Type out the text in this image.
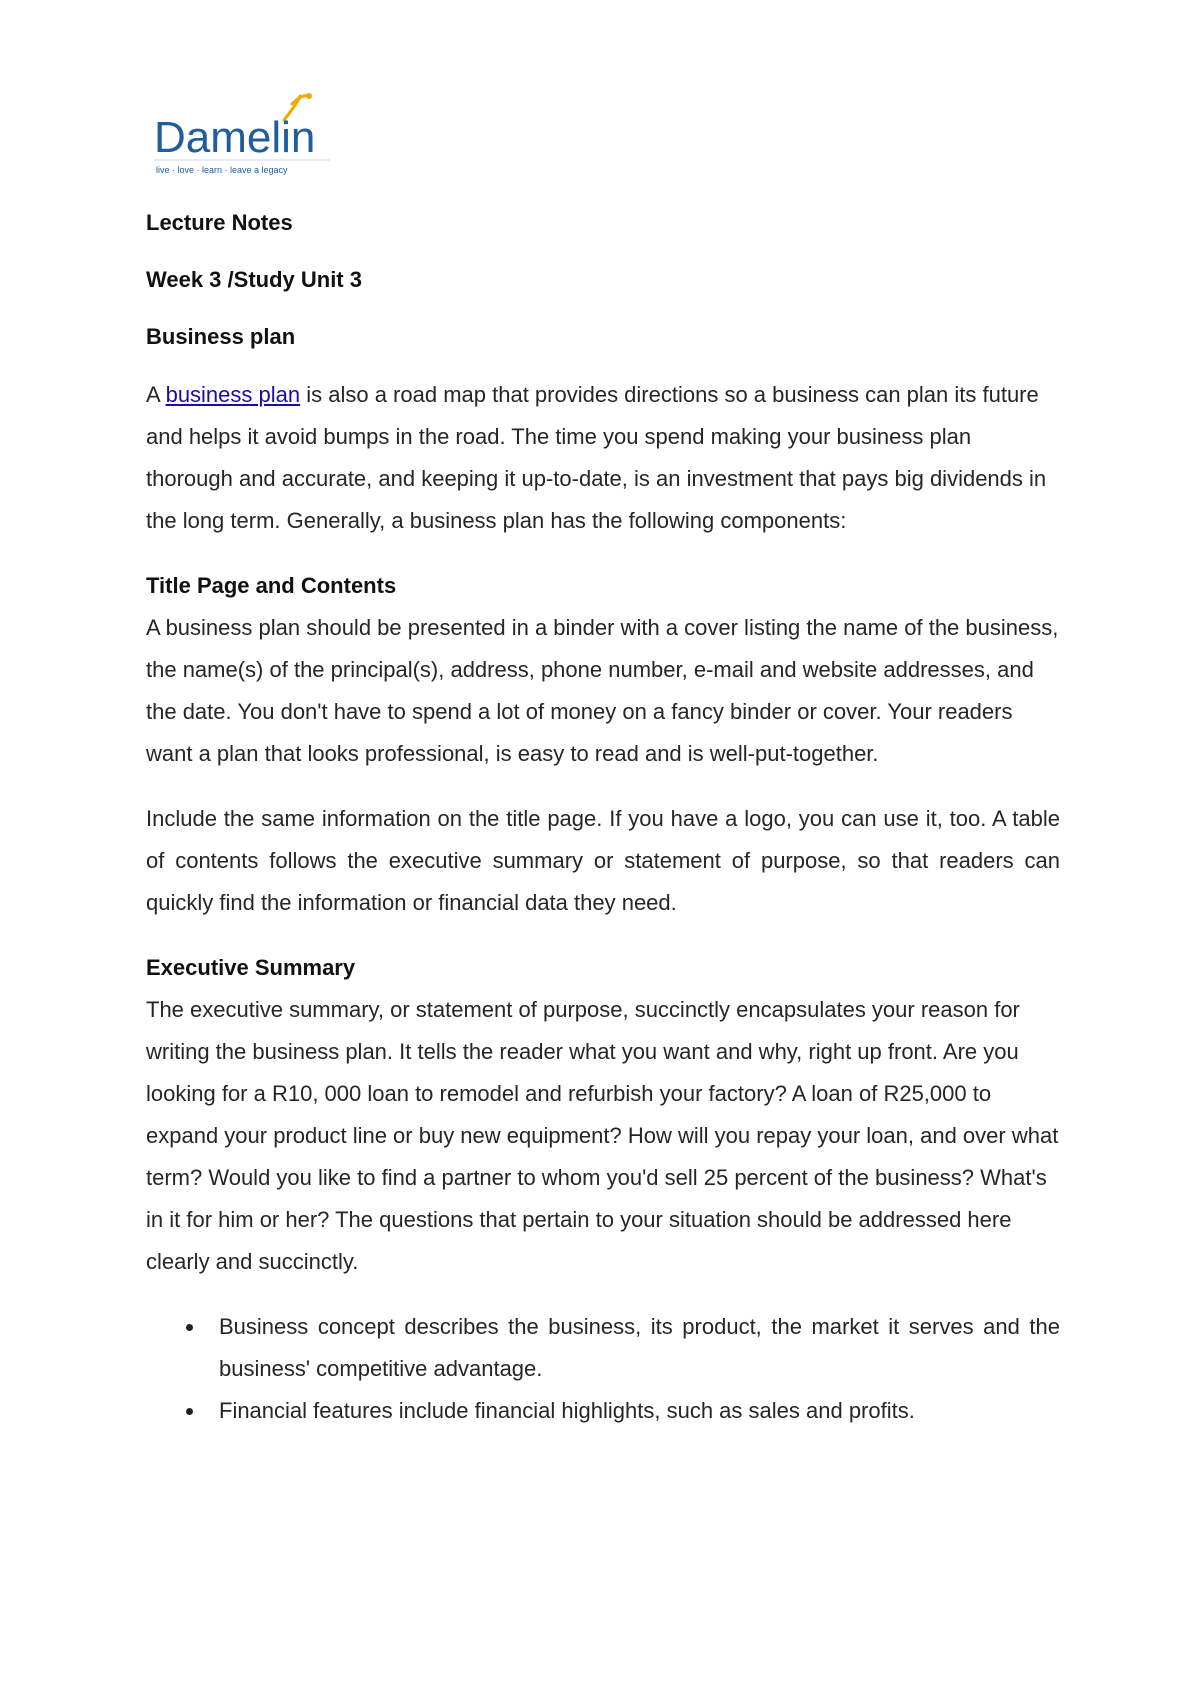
Damelin
live · love · learn · leave a legacy
Lecture Notes
Week 3 /Study Unit 3
Business plan

A business plan is also a road map that provides directions so a business can plan its future and helps it avoid bumps in the road. The time you spend making your business plan thorough and accurate, and keeping it up-to-date, is an investment that pays big dividends in the long term. Generally, a business plan has the following components:

Title Page and Contents

A business plan should be presented in a binder with a cover listing the name of the business, the name(s) of the principal(s), address, phone number, e-mail and website addresses, and the date. You don't have to spend a lot of money on a fancy binder or cover. Your readers want a plan that looks professional, is easy to read and is well-put-together.

Include the same information on the title page. If you have a logo, you can use it, too. A table of contents follows the executive summary or statement of purpose, so that readers can quickly find the information or financial data they need.

Executive Summary

The executive summary, or statement of purpose, succinctly encapsulates your reason for writing the business plan. It tells the reader what you want and why, right up front. Are you looking for a R10, 000 loan to remodel and refurbish your factory? A loan of R25,000 to expand your product line or buy new equipment? How will you repay your loan, and over what term? Would you like to find a partner to whom you'd sell 25 percent of the business? What's in it for him or her? The questions that pertain to your situation should be addressed here clearly and succinctly.

Business concept describes the business, its product, the market it serves and the business' competitive advantage.
Financial features include financial highlights, such as sales and profits.
